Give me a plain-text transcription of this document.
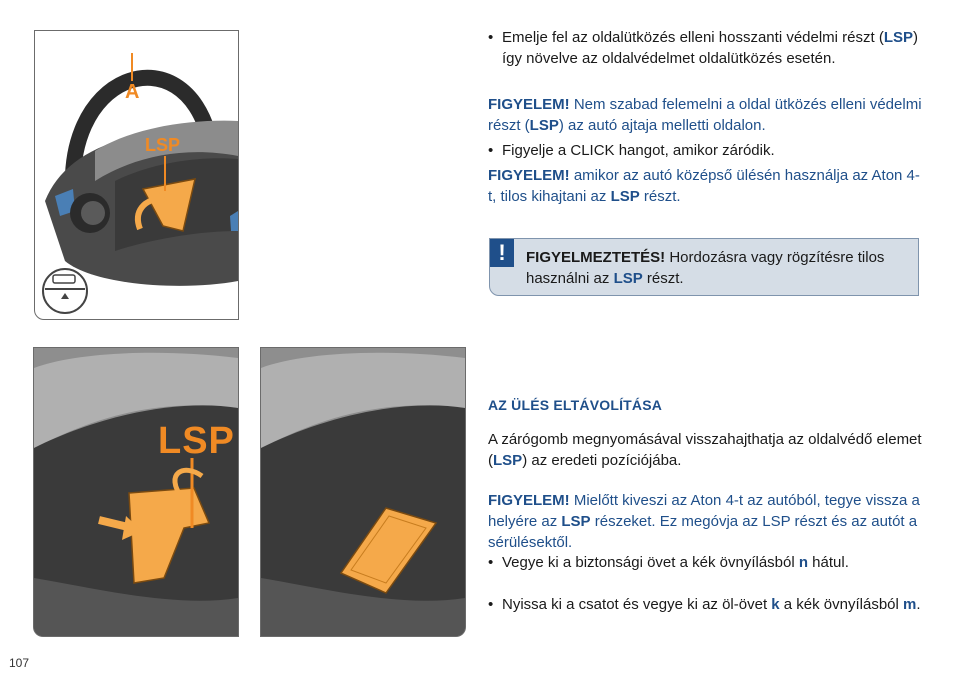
A
LSP
LSP
• Emelje fel az oldalütközés elleni hosszanti védelmi részt (LSP) így növelve az oldalvédelmet oldalütközés esetén.
FIGYELEM! Nem szabad felemelni a oldal ütközés elleni védelmi részt (LSP) az autó ajtaja melletti oldalon.
• Figyelje a CLICK hangot, amikor záródik.
FIGYELEM! amikor az autó középső ülésén használja az Aton 4-t, tilos kihajtani az LSP részt.
!	FIGYELMEZTETÉS! Hordozásra vagy rögzítésre tilos használni az LSP részt.
AZ ÜLÉS ELTÁVOLÍTÁSA
A zárógomb megnyomásával visszahajthatja az oldalvédő elemet (LSP) az eredeti pozíciójába.
FIGYELEM! Mielőtt kiveszi az Aton 4-t az autóból, tegye vissza a helyére az LSP részeket. Ez megóvja az LSP részt és az autót a sérülésektől.
• Vegye ki a biztonsági övet a kék övnyílásból n hátul.
• Nyissa ki a csatot és vegye ki az öl-övet k a kék övnyílásból m.
107
